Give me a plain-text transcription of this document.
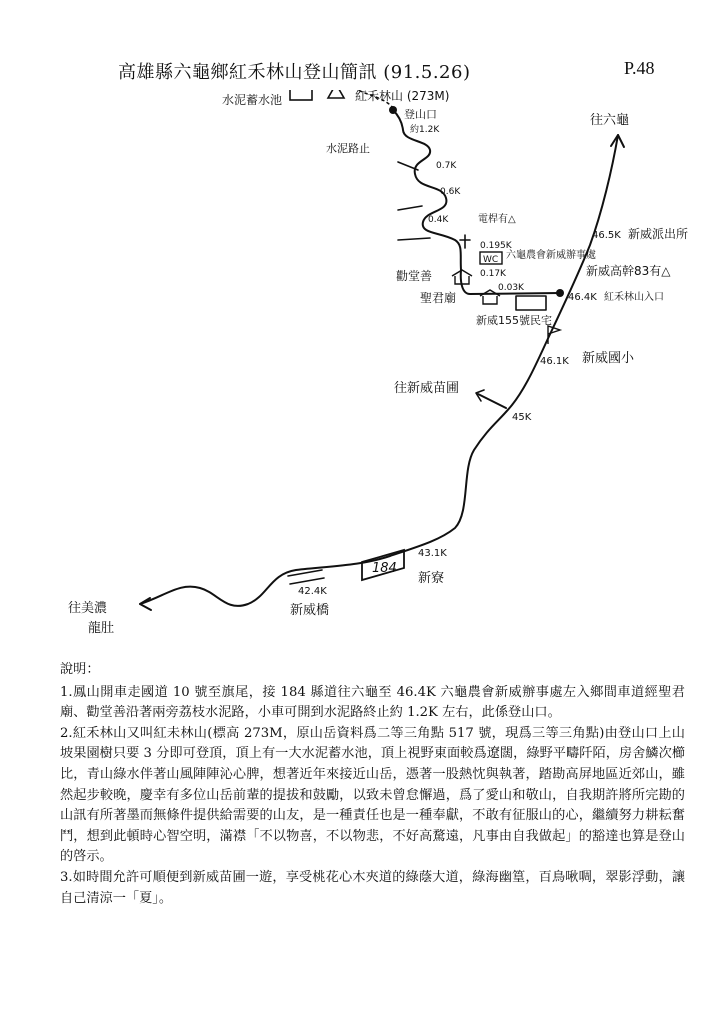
高雄縣六龜鄉紅禾林山登山簡訊 (91.5.26)	P.48
水泥蓄水池	紅禾林山 (273M)
登山口
約1.2K
水泥路止
往六龜
0.7K
0.6K
0.4K	電桿有△
0.195K
WC
0.17K
0.03K
六龜農會新威辦事處
46.5K 新威派出所
新威高幹83有△
46.4K 紅禾林山入口
勸堂善
聖君廟
新威155號民宅
46.1K 新威國小
往新威苗圃
45K
184
43.1K
新寮
42.4K
新威橋
往美濃
龍肚

說明：

1.鳳山開車走國道 10 號至旗尾，接 184 縣道往六龜至 46.4K 六龜農會新威辦事處左入鄉間車道經聖君廟、勸堂善沿著兩旁荔枝水泥路，小車可開到水泥路終止約 1.2K 左右，此係登山口。

2.紅禾林山又叫紅未林山(標高 273M，原山岳資料爲二等三角點 517 號，現爲三等三角點)由登山口上山坡果園樹只要 3 分即可登頂，頂上有一大水泥蓄水池，頂上視野東面較爲遼闊，綠野平疇阡陌，房舍鱗次櫛比，青山綠水伴著山風陣陣沁心脾，想著近年來接近山岳，憑著一股熱忱與執著，踏勘高屏地區近郊山，雖然起步較晚，慶幸有多位山岳前輩的提拔和鼓勵，以致未曾怠懈過，爲了愛山和敬山，自我期許將所完勘的山訊有所著墨而無條件提供給需要的山友，是一種責任也是一種奉獻，不敢有征服山的心，繼續努力耕耘奮鬥，想到此頓時心智空明，滿襟「不以物喜，不以物悲，不好高騖遠，凡事由自我做起」的豁達也算是登山的啓示。

3.如時間允許可順便到新威苗圃一遊，享受桃花心木夾道的綠蔭大道，綠海幽篁，百鳥啾啁，翠影浮動，讓自己清涼一「夏」。
